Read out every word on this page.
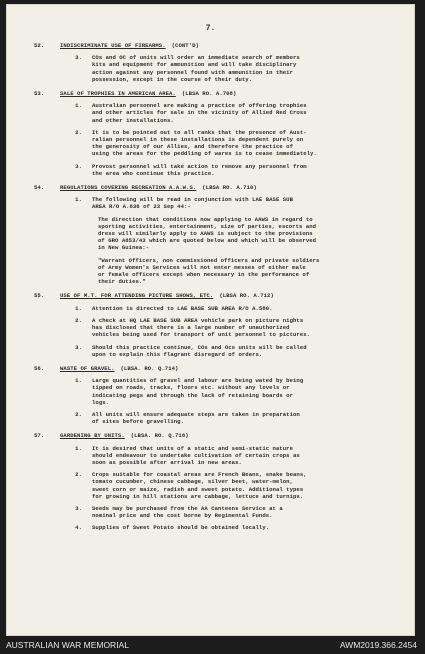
7.
52.	INDISCRIMINATE USE OF FIREARMS. (CONT'D)
3.	COs and OC of units will order an immediate search of members
kits and equipment for ammunition and will take disciplinary
action against any personnel found with ammunition in their
possession, except in the course of their duty.
53.	SALE OF TROPHIES IN AMERICAN AREA. (LBSA RO. A.708)
1.	Australian personnel are making a practice of offering trophies
and other articles for sale in the vicinity of Allied Red Cross
and other installations.
2.	It is to be pointed out to all ranks that the presence of Aust-
ralian personnel in these installations is dependent purely on
the generosity of our Allies, and therefore the practice of
using the areas for the peddling of wares is to cease immediately.
3.	Provost personnel will take action to remove any personnel from
the area who continue this practice.
54.	REGULATIONS COVERING RECREATION A.A.W.S. (LBSA RO. A.710)
1.	The following will be read in conjunction with LAE BASE SUB
AREA R/O A.636 of 23 Sep 44:-
The direction that conditions now applying to AAWS in regard to
sporting activities, entertainment, size of parties, escorts and
dress will similarly apply to AAWS is subject to the provisions
of GRO A853/43 which are quoted below and which will be observed
in New Guinea:-
"Warrant Officers, non commissioned officers and private soldiers
of Army Women's Services will not enter messes of either male
or female officers except when necessary in the performance of
their duties."
55.	USE OF M.T. FOR ATTENDING PICTURE SHOWS, ETC. (LBSA RO. A.712)
1.	Attention is directed to LAE BASE SUB AREA R/O A.580.
2.	A check at HQ LAE BASE SUB AREA vehicle park on picture nights
has disclosed that there is a large number of unauthorized
vehicles being used for transport of unit personnel to pictures.
3.	Should this practice continue, COs and Ocs units will be called
upon to explain this flagrant disregard of orders.
56.	WASTE OF GRAVEL. (LBSA. RO. Q.714)
1.	Large quantities of gravel and labour are being wated by being
tipped on roads, tracks, floors etc. without any levels or
indicating pegs and through the lack of retaining boards or
logs.
2.	All units will ensure adequate steps are taken in preparation
of sites before gravelling.
57.	GARDENING BY UNITS. (LBSA. RO. Q.716)
1.	It is desired that units of a static and semi-static nature
should endeavour to undertake cultivation of certain crops as
soon as possible after arrival in new areas.
2.	Crops suitable for coastal areas are French Beans, snake beans,
tomato cucumber, chinese cabbage, silver beet, water-melon,
sweet corn or maize, radish and sweet potato. Additional types
for growing in hill stations are cabbage, lettuce and turnips.
3.	Seeds may be purchased from the AA Canteens Service at a
nominal price and the cost borne by Regimental Funds.
4.	Supplies of Sweet Potato should be obtained locally.
AUSTRALIAN WAR MEMORIAL	AWM2019.366.2454
